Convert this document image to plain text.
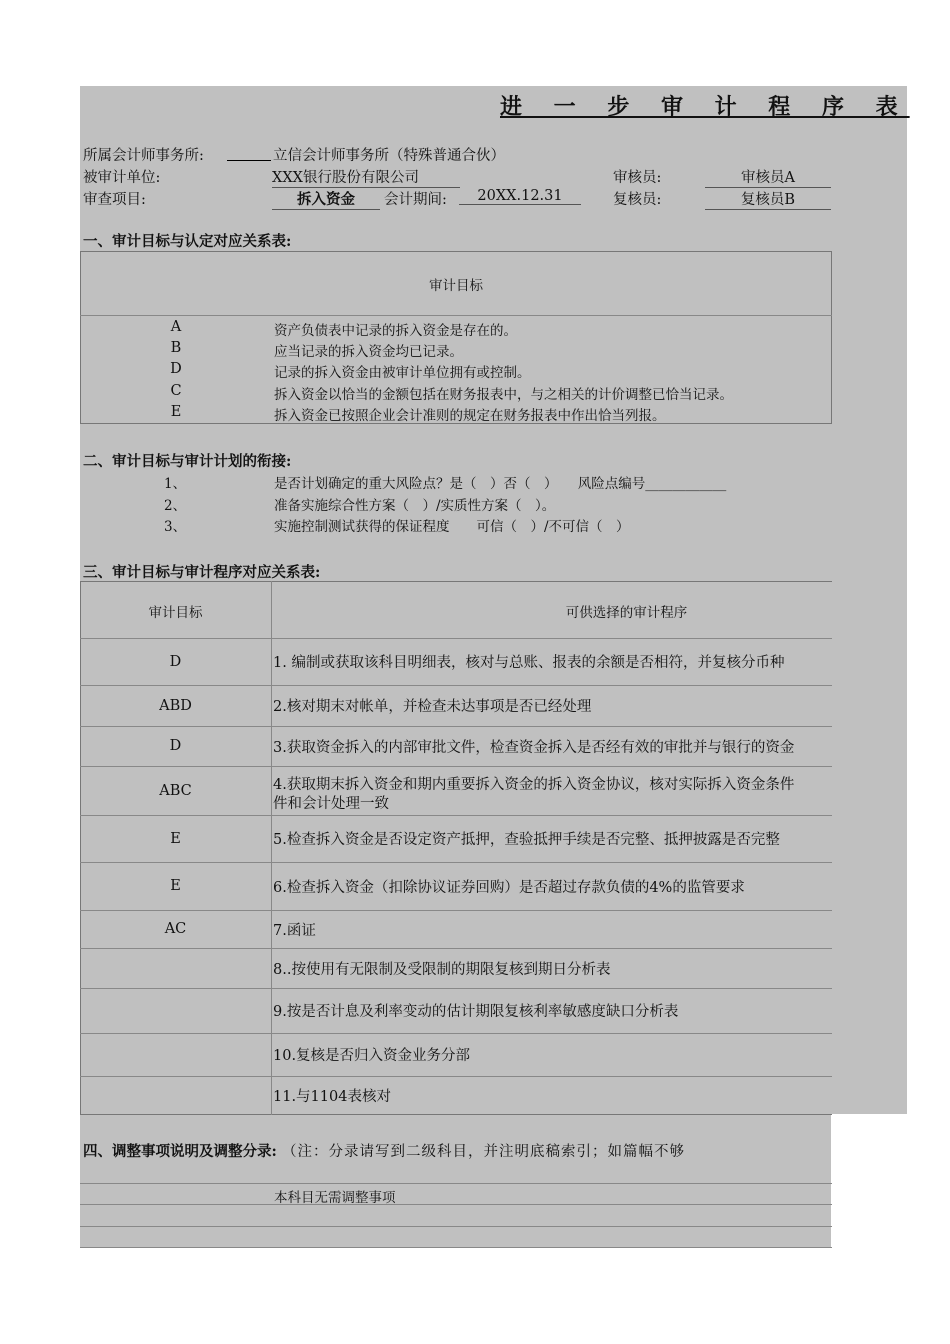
进 一 步 审 计 程 序 表
所属会计师事务所:	立信会计师事务所（特殊普通合伙）
被审计单位:	XXX银行股份有限公司	审核员:	审核员A
审查项目:	拆入资金	会计期间:	20XX.12.31	复核员:	复核员B
一、审计目标与认定对应关系表:
审计目标
A	资产负债表中记录的拆入资金是存在的。
B	应当记录的拆入资金均已记录。
D	记录的拆入资金由被审计单位拥有或控制。
C	拆入资金以恰当的金额包括在财务报表中，与之相关的计价调整已恰当记录。
E	拆入资金已按照企业会计准则的规定在财务报表中作出恰当列报。
二、审计目标与审计计划的衔接:
1、	是否计划确定的重大风险点？是（　）否（　）　　风险点编号____________
2、	准备实施综合性方案（　）/实质性方案（　）。
3、	实施控制测试获得的保证程度　　可信（　）/不可信（　）
三、审计目标与审计程序对应关系表:
审计目标	可供选择的审计程序
D	1. 编制或获取该科目明细表，核对与总账、报表的余额是否相符，并复核分币种
ABD	2.核对期末对帐单，并检查未达事项是否已经处理
D	3.获取资金拆入的内部审批文件，检查资金拆入是否经有效的审批并与银行的资金
ABC	4.获取期末拆入资金和期内重要拆入资金的拆入资金协议，核对实际拆入资金条件
件和会计处理一致
E	5.检查拆入资金是否设定资产抵押，查验抵押手续是否完整、抵押披露是否完整
E	6.检查拆入资金（扣除协议证券回购）是否超过存款负债的4%的监管要求
AC	7.函证
8..按使用有无限制及受限制的期限复核到期日分析表
9.按是否计息及利率变动的估计期限复核利率敏感度缺口分析表
10.复核是否归入资金业务分部
11.与1104表核对
四、调整事项说明及调整分录: （注：分录请写到二级科目，并注明底稿索引；如篇幅不够
本科目无需调整事项
